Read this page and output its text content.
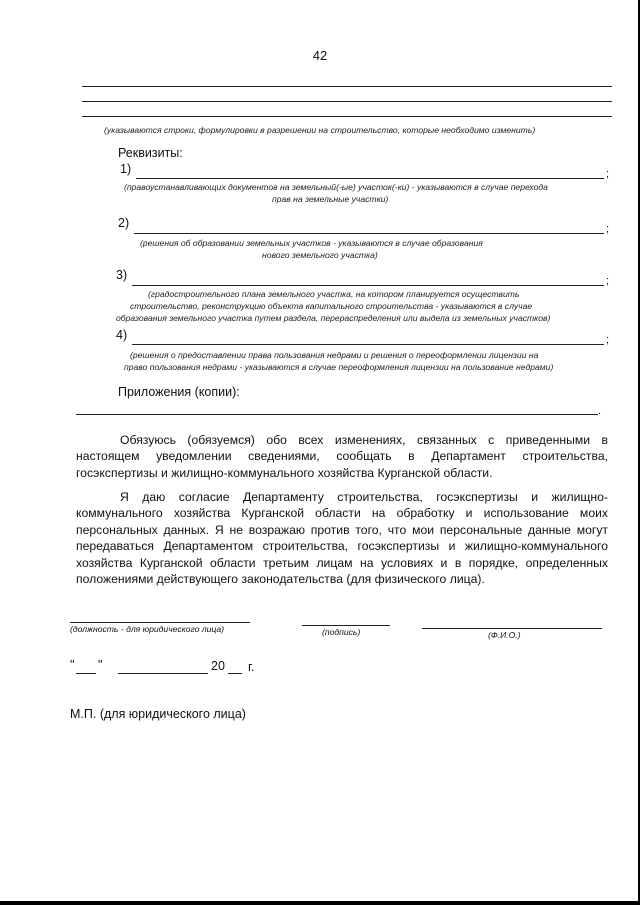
42
(указываются строки, формулировки в разрешении на строительство, которые необходимо изменить)
Реквизиты:
1)	;
(правоустанавливающих документов на земельный(-ые) участок(-ки) - указываются в случае перехода
прав на земельные участки)
2)	;
(решения об образовании земельных участков - указываются в случае образования
нового земельного участка)
3)	;
(градостроительного плана земельного участка, на котором планируется осуществить
строительство, реконструкцию объекта капитального строительства - указываются в случае
образования земельного участка путем раздела, перераспределения или выдела из земельных участков)
4)	;
(решения о предоставлении права пользования недрами и решения о переоформлении лицензии на
право пользования недрами - указываются в случае переоформления лицензии на пользование недрами)
Приложения (копии):
.
Обязуюсь (обязуемся) обо всех изменениях, связанных с приведенными в настоящем уведомлении сведениями, сообщать в Департамент строительства, госэкспертизы и жилищно-коммунального хозяйства Курганской области.
Я даю согласие Департаменту строительства, госэкспертизы и жилищно-коммунального хозяйства Курганской области на обработку и использование моих персональных данных. Я не возражаю против того, что мои персональные данные могут передаваться Департаментом строительства, госэкспертизы и жилищно-коммунального хозяйства Курганской области третьим лицам на условиях и в порядке, определенных положениями действующего законодательства (для физического лица).
(должность - для юридического лица)	(подпись)	(Ф.И.О.)
" "	20 г.
М.П. (для юридического лица)
